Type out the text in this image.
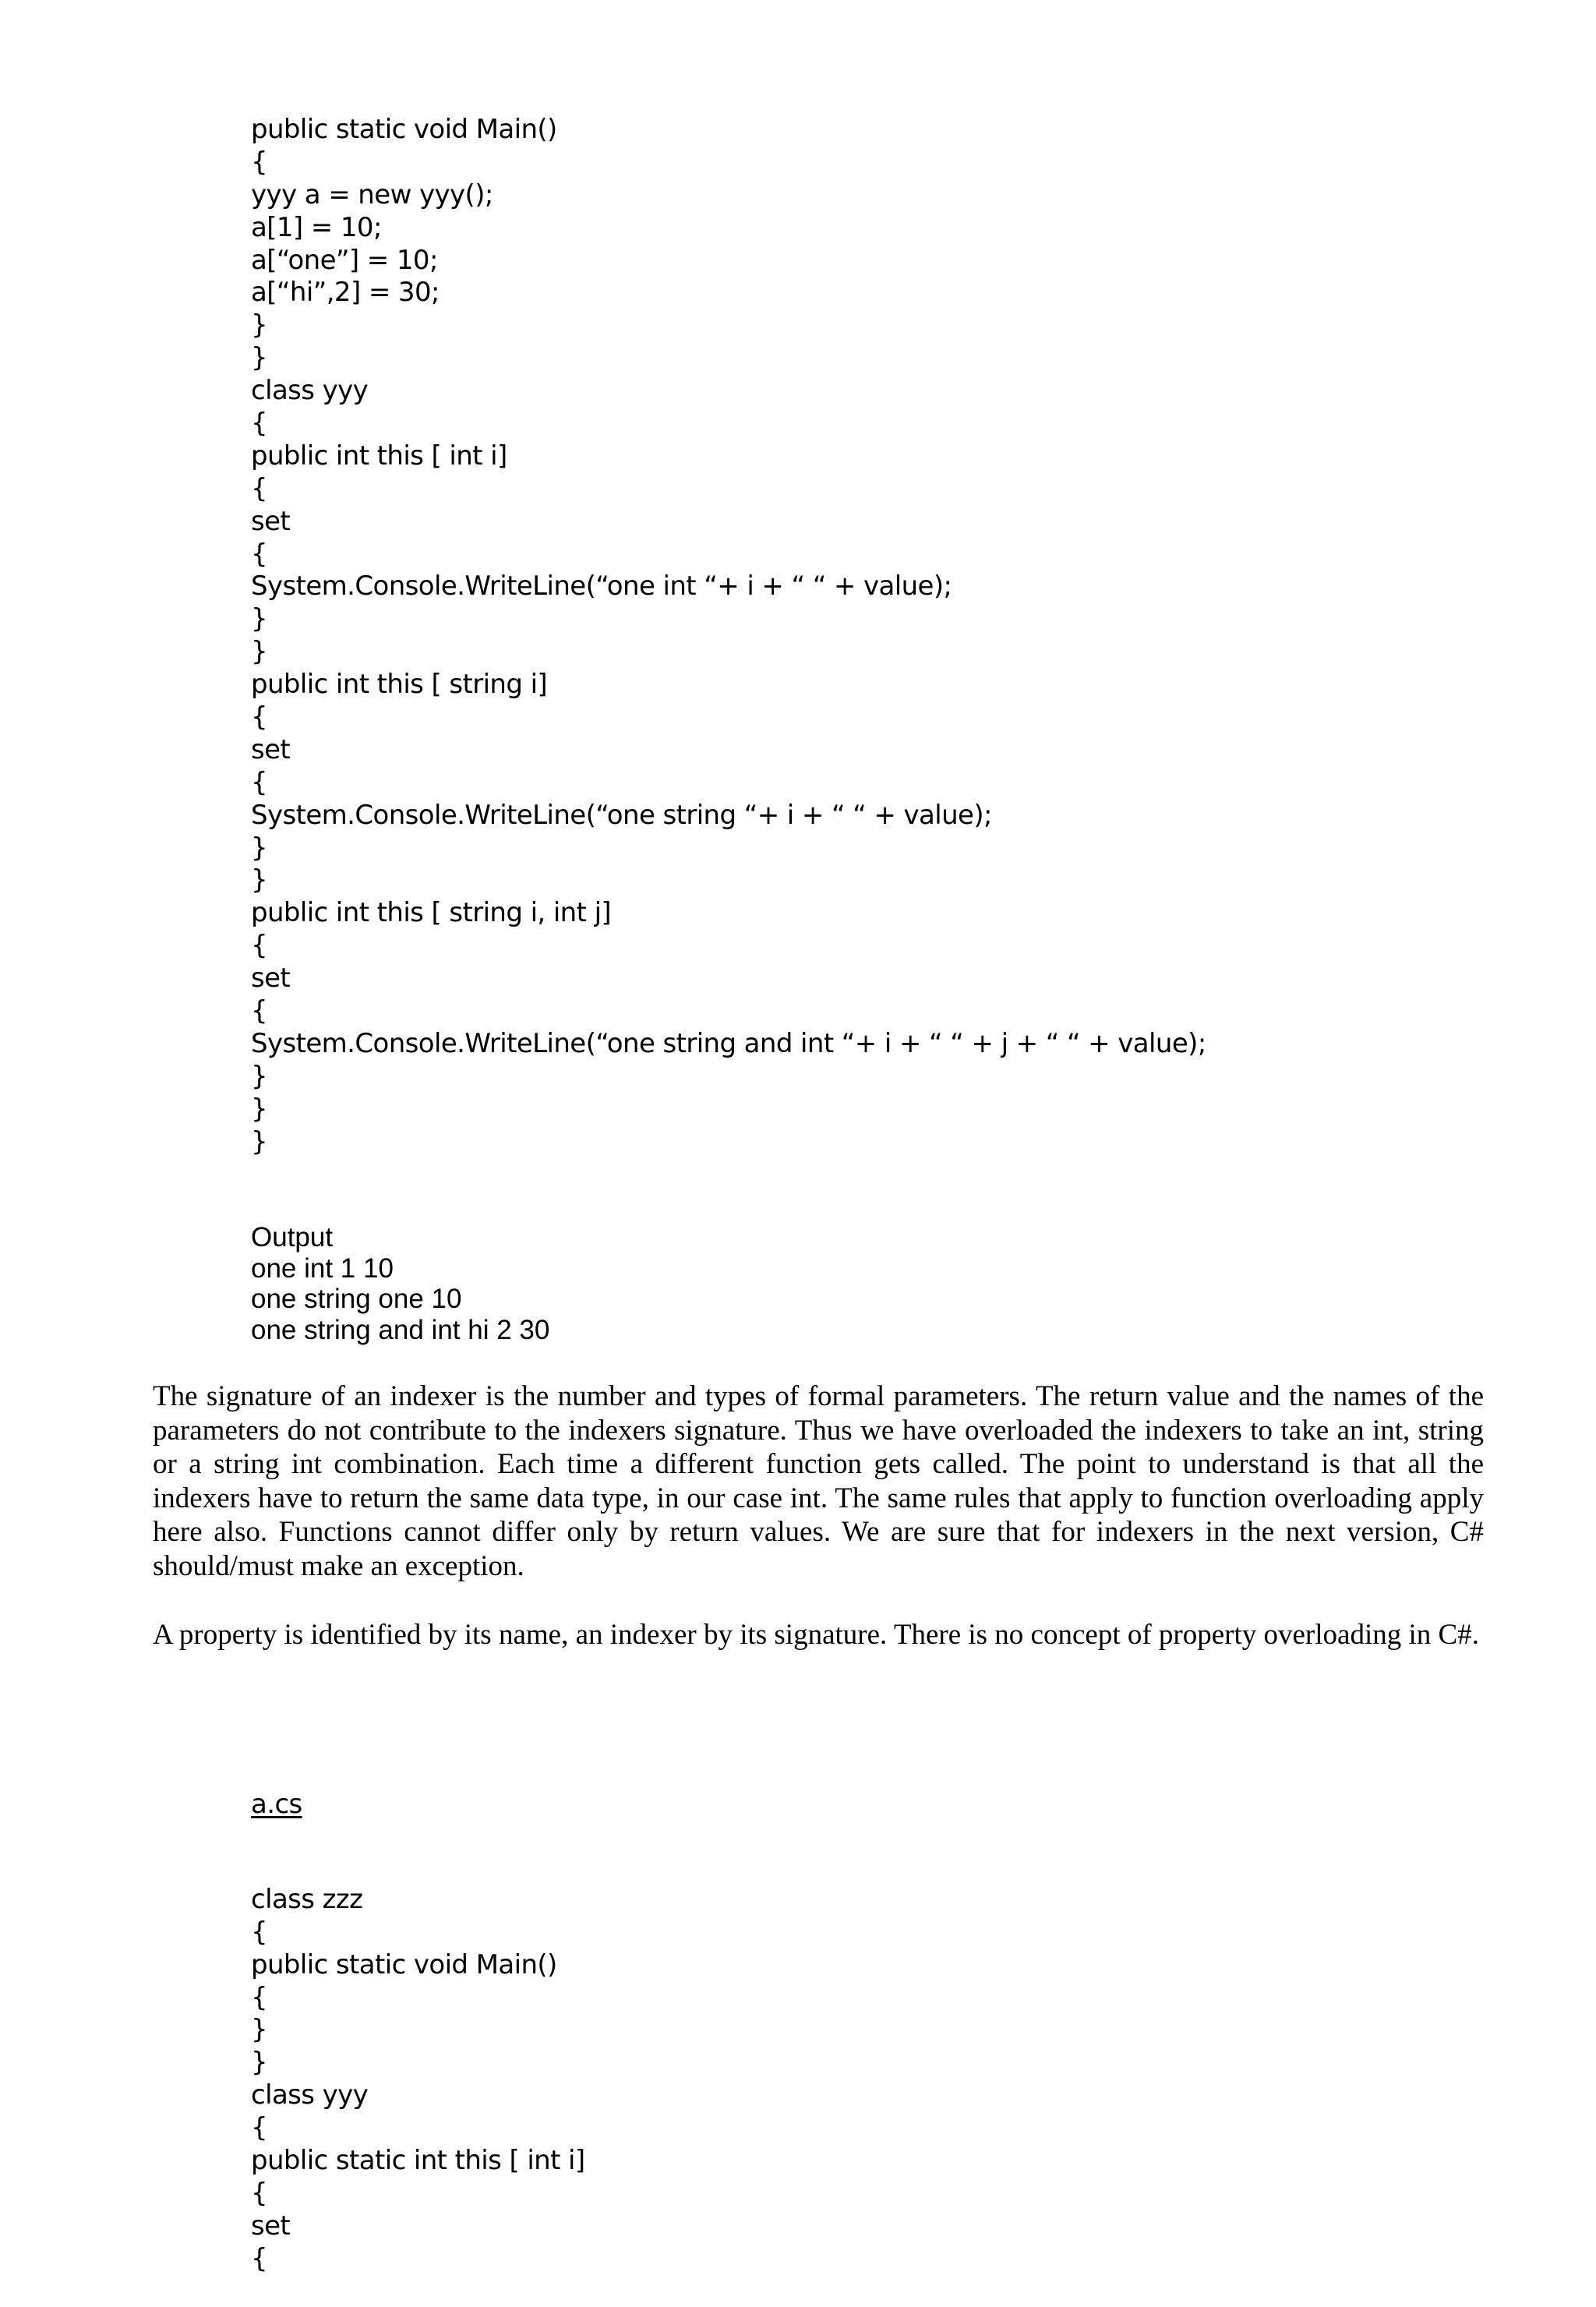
public static void Main()
{
yyy a = new yyy();
a[1] = 10;
a[“one”] = 10;
a[“hi”,2] = 30;
}
}
class yyy
{
public int this [ int i]
{
set
{
System.Console.WriteLine(“one int “+ i + “ “ + value);
}
}
public int this [ string i]
{
set
{
System.Console.WriteLine(“one string “+ i + “ “ + value);
}
}
public int this [ string i, int j]
{
set
{
System.Console.WriteLine(“one string and int “+ i + “ “ + j + “ “ + value);
}
}
}
Output
one int 1 10
one string one 10
one string and int hi 2 30

The signature of an indexer is the number and types of formal parameters. The return value and the names of the parameters do not contribute to the indexers signature. Thus we have overloaded the indexers to take an int, string or a string int combination. Each time a different function gets called. The point to understand is that all the indexers have to return the same data type, in our case int. The same rules that apply to function overloading apply here also. Functions cannot differ only by return values. We are sure that for indexers in the next version, C# should/must make an exception.

A property is identified by its name, an indexer by its signature. There is no concept of property overloading in C#.

a.cs

class zzz
{
public static void Main()
{
}
}
class yyy
{
public static int this [ int i]
{
set
{
